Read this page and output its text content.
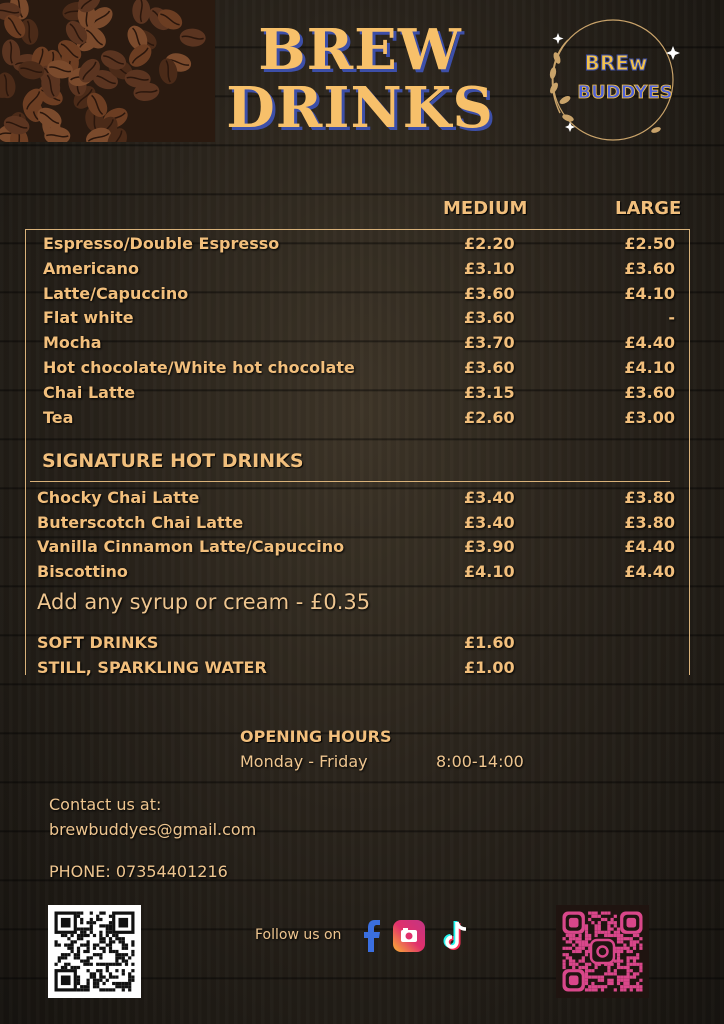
BREW
DRINKS
BREw
BUDDYES
MEDIUM	LARGE
Espresso/Double Espresso	£2.20	£2.50
Americano	£3.10	£3.60
Latte/Capuccino	£3.60	£4.10
Flat white	£3.60	-
Mocha	£3.70	£4.40
Hot chocolate/White hot chocolate	£3.60	£4.10
Chai Latte	£3.15	£3.60
Tea	£2.60	£3.00
SIGNATURE HOT DRINKS
Chocky Chai Latte	£3.40	£3.80
Buterscotch Chai Latte	£3.40	£3.80
Vanilla Cinnamon Latte/Capuccino	£3.90	£4.40
Biscottino	£4.10	£4.40
Add any syrup or cream - £0.35
SOFT DRINKS	£1.60
STILL, SPARKLING WATER	£1.00
OPENING HOURS
Monday - Friday	8:00-14:00
Contact us at:
brewbuddyes@gmail.com
PHONE: 07354401216
Follow us on
